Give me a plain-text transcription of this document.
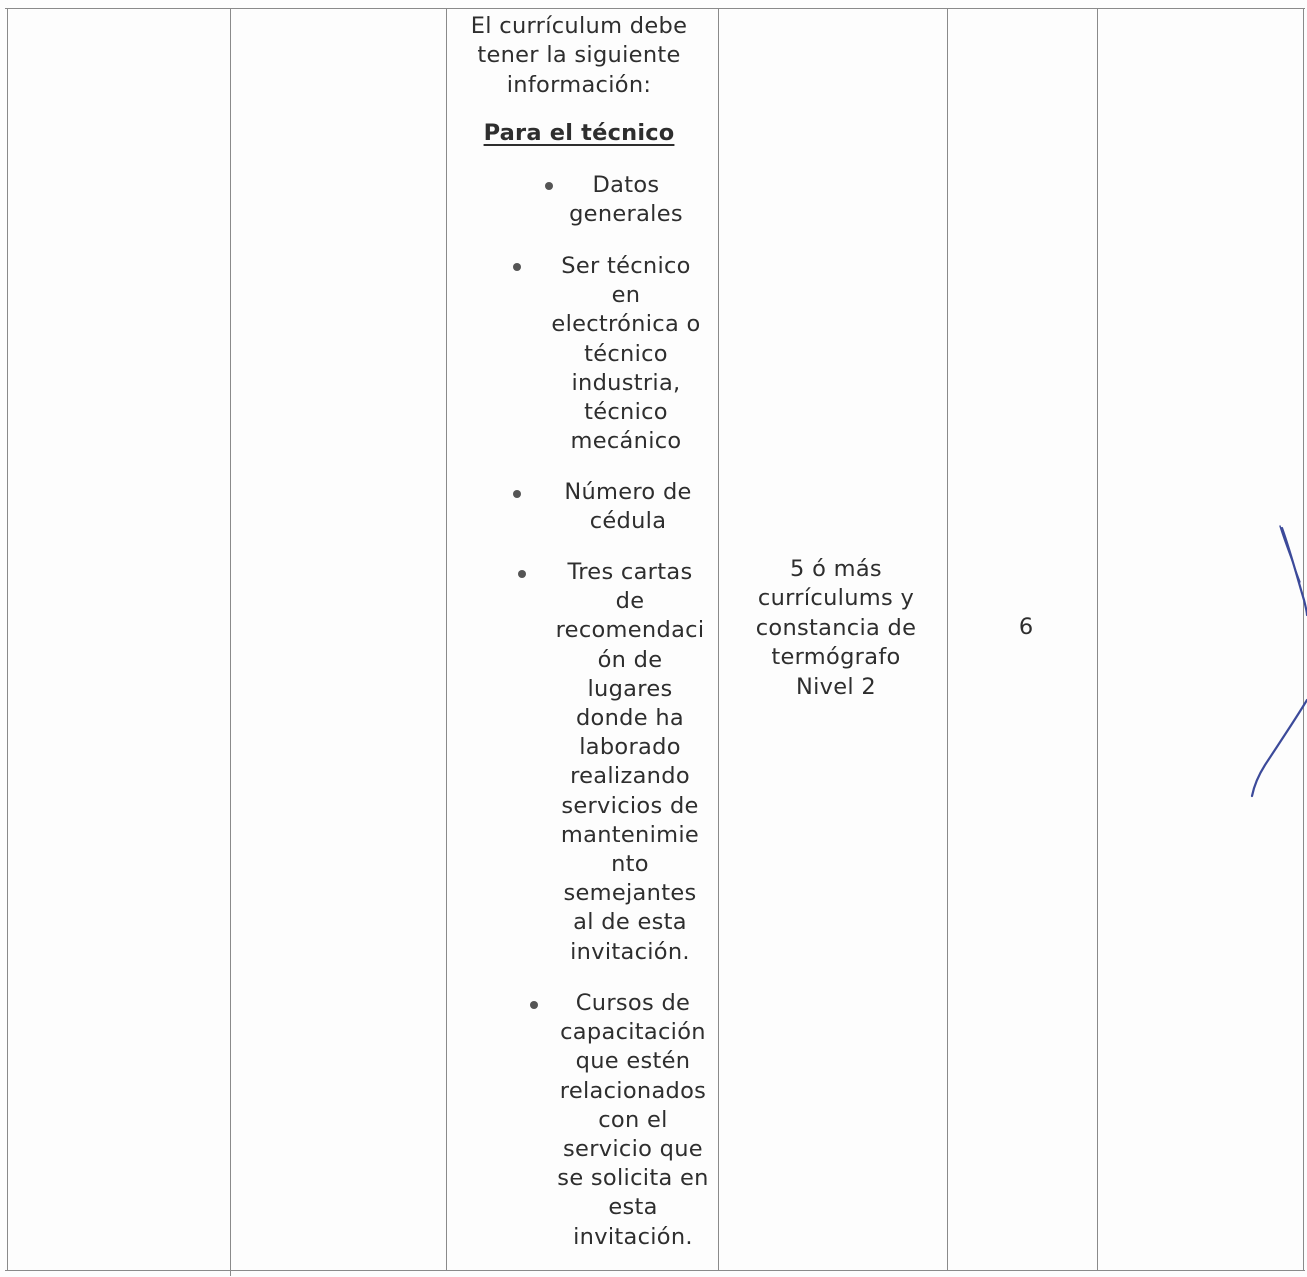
El currículum debe tener la siguiente información:
Para el técnico
Datos
generales
Ser técnico
en
electrónica o
técnico
industria,
técnico
mecánico
Número de
cédula
Tres cartas
de
recomendaci
ón de
lugares
donde ha
laborado
realizando
servicios de
mantenimie
nto
semejantes
al de esta
invitación.
Cursos de
capacitación
que estén
relacionados
con el
servicio que
se solicita en
esta
invitación.
5 ó más
currículums y
constancia de
termógrafo
Nivel 2
6
